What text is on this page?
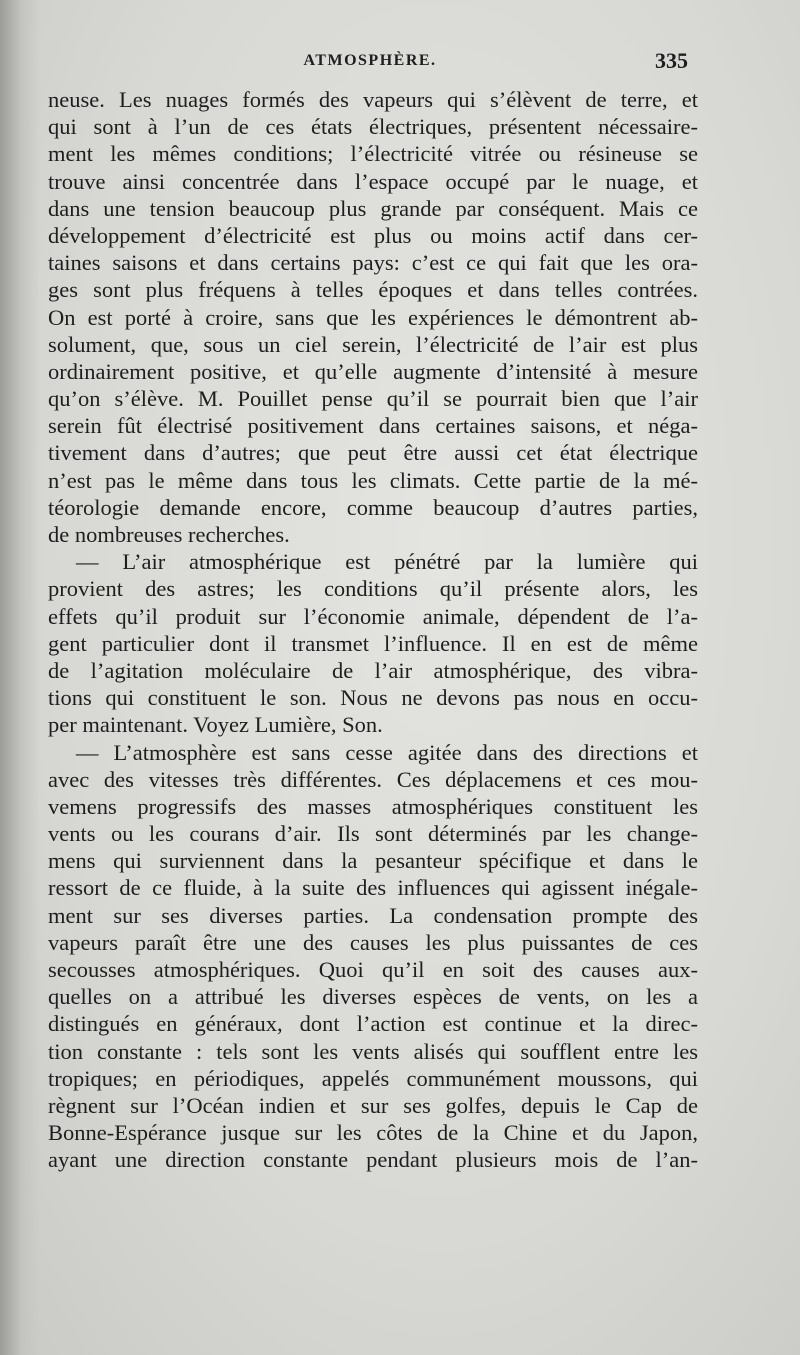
ATMOSPHÈRE.	335
neuse. Les nuages formés des vapeurs qui s’élèvent de terre, et
qui sont à l’un de ces états électriques, présentent nécessaire-
ment les mêmes conditions; l’électricité vitrée ou résineuse se
trouve ainsi concentrée dans l’espace occupé par le nuage, et
dans une tension beaucoup plus grande par conséquent. Mais ce
développement d’électricité est plus ou moins actif dans cer-
taines saisons et dans certains pays: c’est ce qui fait que les ora-
ges sont plus fréquens à telles époques et dans telles contrées.
On est porté à croire, sans que les expériences le démontrent ab-
solument, que, sous un ciel serein, l’électricité de l’air est plus
ordinairement positive, et qu’elle augmente d’intensité à mesure
qu’on s’élève. M. Pouillet pense qu’il se pourrait bien que l’air
serein fût électrisé positivement dans certaines saisons, et néga-
tivement dans d’autres; que peut être aussi cet état électrique
n’est pas le même dans tous les climats. Cette partie de la mé-
téorologie demande encore, comme beaucoup d’autres parties,
de nombreuses recherches.
— L’air atmosphérique est pénétré par la lumière qui
provient des astres; les conditions qu’il présente alors, les
effets qu’il produit sur l’économie animale, dépendent de l’a-
gent particulier dont il transmet l’influence. Il en est de même
de l’agitation moléculaire de l’air atmosphérique, des vibra-
tions qui constituent le son. Nous ne devons pas nous en occu-
per maintenant. Voyez Lumière, Son.
— L’atmosphère est sans cesse agitée dans des directions et
avec des vitesses très différentes. Ces déplacemens et ces mou-
vemens progressifs des masses atmosphériques constituent les
vents ou les courans d’air. Ils sont déterminés par les change-
mens qui surviennent dans la pesanteur spécifique et dans le
ressort de ce fluide, à la suite des influences qui agissent inégale-
ment sur ses diverses parties. La condensation prompte des
vapeurs paraît être une des causes les plus puissantes de ces
secousses atmosphériques. Quoi qu’il en soit des causes aux-
quelles on a attribué les diverses espèces de vents, on les a
distingués en généraux, dont l’action est continue et la direc-
tion constante : tels sont les vents alisés qui soufflent entre les
tropiques; en périodiques, appelés communément moussons, qui
règnent sur l’Océan indien et sur ses golfes, depuis le Cap de
Bonne-Espérance jusque sur les côtes de la Chine et du Japon,
ayant une direction constante pendant plusieurs mois de l’an-
